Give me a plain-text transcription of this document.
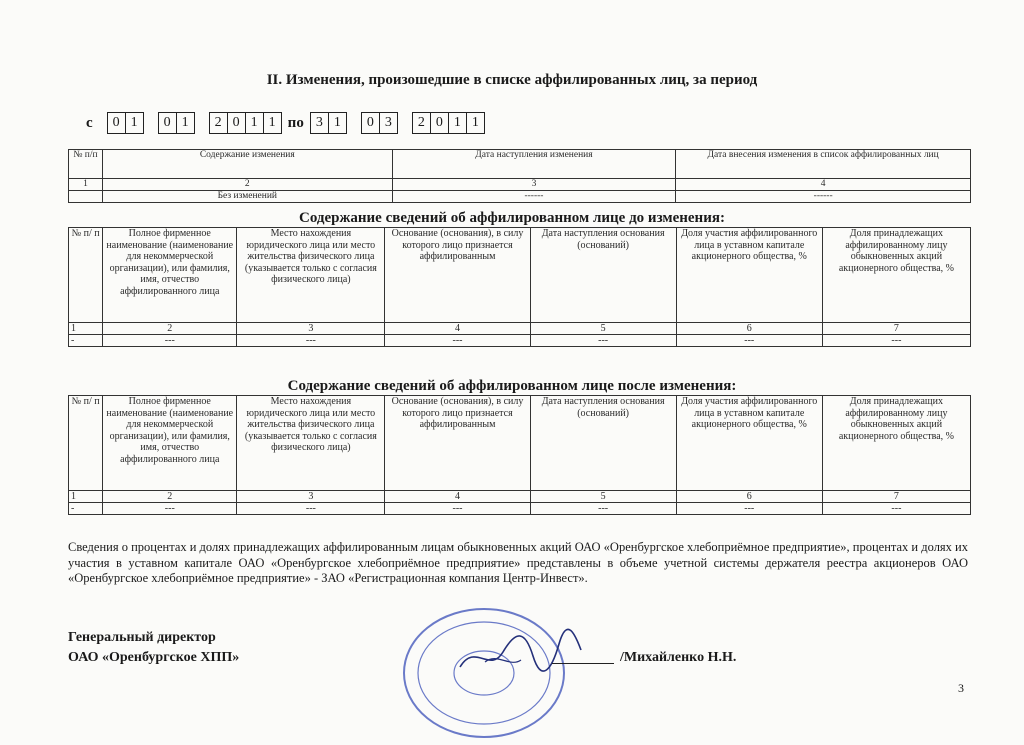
II. Изменения, произошедшие в списке аффилированных лиц, за период
с	0 1	0 1	2 0 1 1 по 3 1	0 3	2 0 1 1
№ п/п	Содержание изменения	Дата наступления изменения	Дата внесения изменения в список аффилированных лиц
1	2	3	4
	Без изменений	------	------
Содержание сведений об аффилированном лице до изменения:
№ п/ п	Полное фирменное наименование (наименование для некоммерческой организации), или фамилия, имя, отчество аффилированного лица	Место нахождения юридического лица или место жительства физического лица (указывается только с согласия физического лица)	Основание (основания), в силу которого лицо признается аффилированным	Дата наступления основания (оснований)	Доля участия аффилированного лица в уставном капитале акционерного общества, %	Доля принадлежащих аффилированному лицу обыкновенных акций акционерного общества, %
1	2	3	4	5	6	7
-	---	---	---	---	---	---
Содержание сведений об аффилированном лице после изменения:
№ п/ п	Полное фирменное наименование (наименование для некоммерческой организации), или фамилия, имя, отчество аффилированного лица	Место нахождения юридического лица или место жительства физического лица (указывается только с согласия физического лица)	Основание (основания), в силу которого лицо признается аффилированным	Дата наступления основания (оснований)	Доля участия аффилированного лица в уставном капитале акционерного общества, %	Доля принадлежащих аффилированному лицу обыкновенных акций акционерного общества, %
1	2	3	4	5	6	7
-	---	---	---	---	---	---
Сведения о процентах и долях принадлежащих аффилированным лицам обыкновенных акций ОАО «Оренбургское хлебоприёмное предприятие», процентах и долях их участия в уставном капитале ОАО «Оренбургское хлебоприёмное предприятие» представлены в объеме учетной системы держателя реестра акционеров ОАО «Оренбургское хлебоприёмное предприятие» - ЗАО «Регистрационная компания Центр-Инвест».
Генеральный директор
ОАО «Оренбургское ХПП»	/Михайленко Н.Н.
3
